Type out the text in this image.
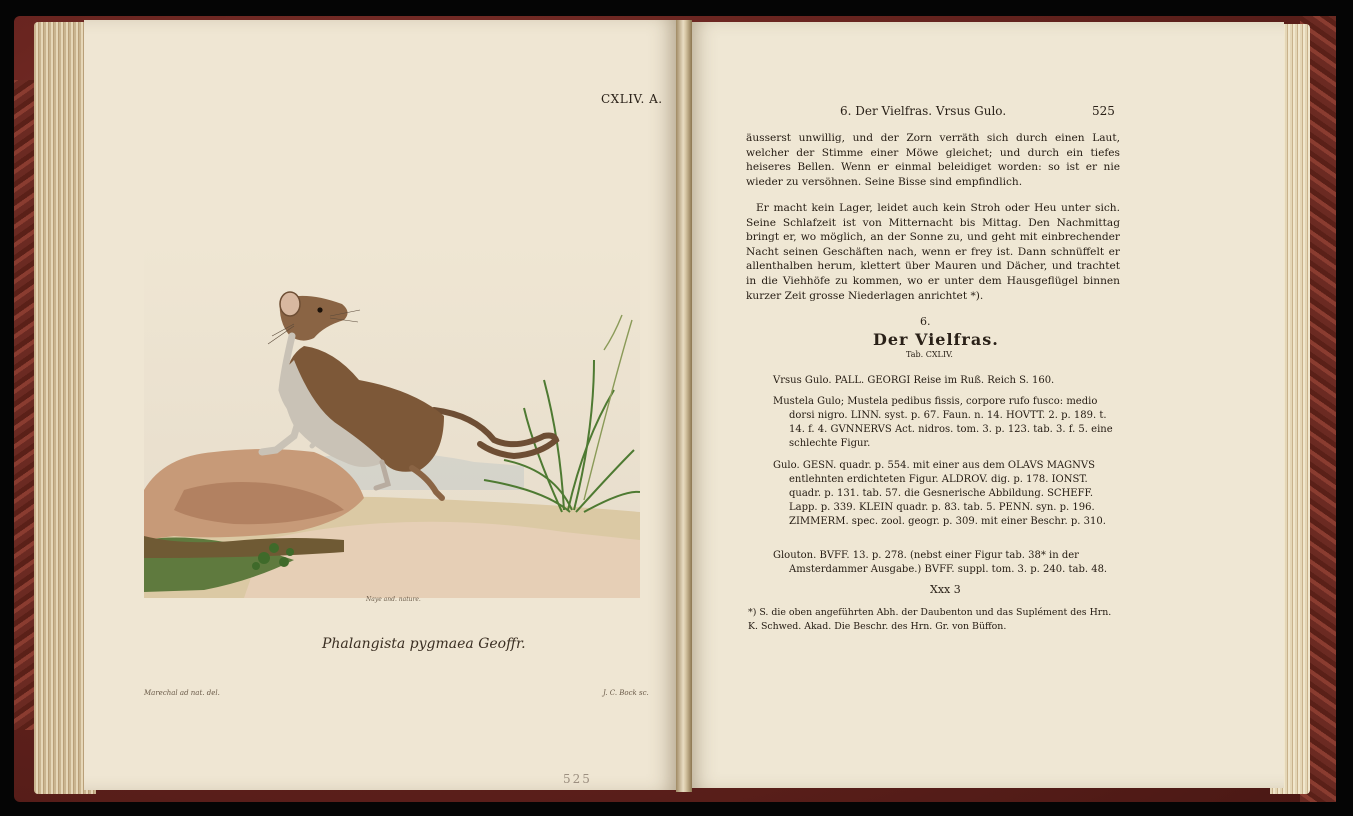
CXLIV. A.
Naye and. nature.
Phalangista pygmaea Geoffr.
Marechal ad nat. del.	J. C. Bock sc.
525
6. Der Vielfras. Vrsus Gulo.	525

äusserst unwillig, und der Zorn verräth sich durch einen Laut, welcher der Stimme einer Möwe gleichet; und durch ein tiefes heiseres Bellen. Wenn er einmal beleidiget worden: so ist er nie wieder zu versöhnen. Seine Bisse sind empfindlich.

Er macht kein Lager, leidet auch kein Stroh oder Heu unter sich. Seine Schlafzeit ist von Mitternacht bis Mittag. Den Nachmittag bringt er, wo möglich, an der Sonne zu, und geht mit einbrechender Nacht seinen Geschäften nach, wenn er frey ist. Dann schnüffelt er allenthalben herum, klettert über Mauren und Dächer, und trachtet in die Viehhöfe zu kommen, wo er unter dem Hausgeflügel binnen kurzer Zeit grosse Niederlagen anrichtet *).

6.
Der Vielfras.
Tab. CXLIV.

Vrsus Gulo. PALL. GEORGI Reise im Ruß. Reich S. 160.

Mustela Gulo; Mustela pedibus fissis, corpore rufo fusco: medio dorsi nigro. LINN. syst. p. 67. Faun. n. 14. HOVTT. 2. p. 189. t. 14. f. 4. GVNNERVS Act. nidros. tom. 3. p. 123. tab. 3. f. 5. eine schlechte Figur.

Gulo. GESN. quadr. p. 554. mit einer aus dem OLAVS MAGNVS entlehnten erdichteten Figur. ALDROV. dig. p. 178. IONST. quadr. p. 131. tab. 57. die Gesnerische Abbildung. SCHEFF. Lapp. p. 339. KLEIN quadr. p. 83. tab. 5. PENN. syn. p. 196. ZIMMERM. spec. zool. geogr. p. 309. mit einer Beschr. p. 310.

Glouton. BVFF. 13. p. 278. (nebst einer Figur tab. 38* in der Amsterdammer Ausgabe.) BVFF. suppl. tom. 3. p. 240. tab. 48.

Xxx 3

*) S. die oben angeführten Abh. der Daubenton und das Suplément des Hrn. K. Schwed. Akad. Die Beschr. des Hrn. Gr. von Büffon.
